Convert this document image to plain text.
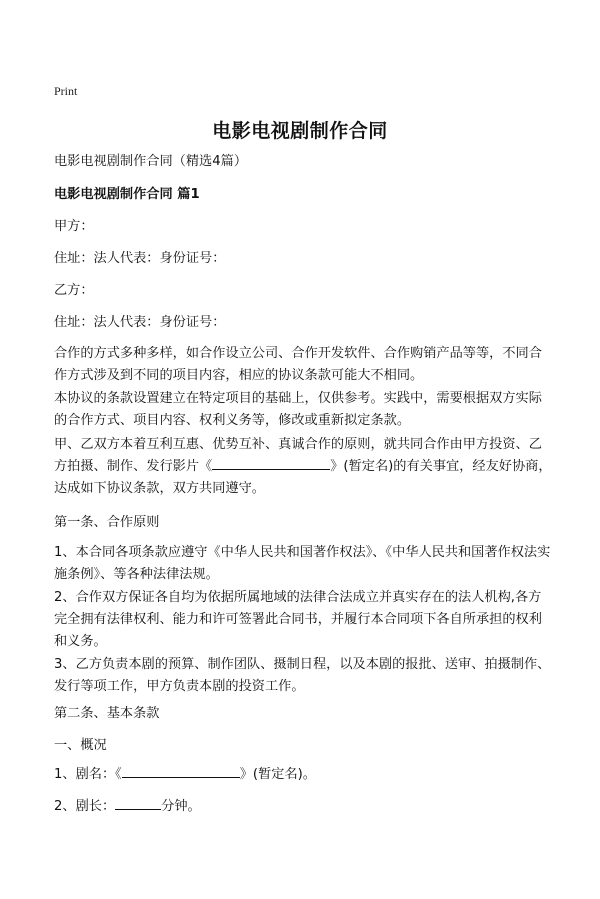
Print
电影电视剧制作合同

电影电视剧制作合同（精选4篇）

电影电视剧制作合同 篇1

甲方：

住址：法人代表：身份证号：

乙方：

住址：法人代表：身份证号：

合作的方式多种多样，如合作设立公司、合作开发软件、合作购销产品等等，不同合作方式涉及到不同的项目内容，相应的协议条款可能大不相同。

本协议的条款设置建立在特定项目的基础上，仅供参考。实践中，需要根据双方实际的合作方式、项目内容、权利义务等，修改或重新拟定条款。

甲、乙双方本着互利互惠、优势互补、真诚合作的原则，就共同合作由甲方投资、乙方拍摄、制作、发行影片《	》(暂定名)的有关事宜，经友好协商，达成如下协议条款，双方共同遵守。

第一条、合作原则

1、本合同各项条款应遵守《中华人民共和国著作权法》、《中华人民共和国著作权法实施条例》、等各种法律法规。

2、合作双方保证各自均为依据所属地域的法律合法成立并真实存在的法人机构,各方完全拥有法律权利、能力和许可签署此合同书，并履行本合同项下各自所承担的权利和义务。

3、乙方负责本剧的预算、制作团队、摄制日程，以及本剧的报批、送审、拍摄制作、发行等项工作，甲方负责本剧的投资工作。

第二条、基本条款

一、概况

1、剧名：《	》(暂定名)。

2、剧长：	分钟。
